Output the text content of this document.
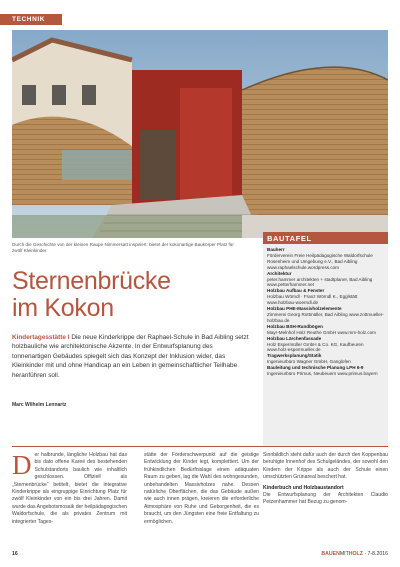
TECHNIK
Durch die Geschichte von der kleinen Raupe Nimmersatt inspiriert: bietet der kokonartige Baukörper Platz für zwölf Kleinkinder.
BAUTAFEL
Bauherr
Förderverein Freie Heilpädagogische Waldorfschule Rosenheim und Umgebung e.V., Bad Aibling www.raphaelschule.wordpress.com
Architektur
peter.hammer architekten + stadtplaner, Bad Aibling www.petterhammer.net
Holzbau Aufbau & Fenster
Holzbau Wörndl · Franz Wörndl K., Egglstätt www.holzbau-woerndl.de
Holzbau PHE-Massivholzelemente
Zimmerei Georg Rottmüller, Bad Aibling www.zottmueller-holzbau.de
Holzbau BSH-Rundbögen
Mayr-Melnhof Holz Reuthe GmbH www.mm-holz.com
Holzbau Lärchenfassade
Holz Espermüller GmbH & Co. KG, Kaufbeuren www.holz-espermueller.de
Tragwerksplanung/Statik
Ingenieurbüro Wagner GmbH, Ganglofen
Bauleitung und technische Planung LPH 6-9
Ingenieurbüro Primus, Neubeuern www.primus.bayern
Sternenbrücke
im Kokon

Kindertagesstätte I Die neue Kinderkrippe der Raphael-Schule in Bad Aibling setzt holzbauliche wie architektonische Akzente. In der Entwurfsplanung des tonnenartigen Gebäudes spiegelt sich das Konzept der Inklusion wider, das Kleinkinder mit und ohne Handicap an ein Leben in gemeinschaftlicher Teilhabe heranführen soll.

Marc Wilhelm Lennartz
Der halbrunde, längliche Holzbau hat das bis dato offene Kareé des bestehenden Schulstandorts baulich wie inhaltlich geschlossen. Offiziell als „Sternenbrücke“ betitelt, bietet die integrative Kinderkrippe als eingruppige Einrichtung Platz für zwölf Kleinkinder von ein bis drei Jahren. Damit wurde das Angebotsmosaik der heilpädagogischen Waldorfschule, die als privates Zentrum mit integrierter Tages-
stätte der Förderschwerpunkt auf die geistige Entwicklung der Kinder legt, komplettiert. Um der frühkindlichen Bedürfnislage einen adäquaten Raum zu geben, lag die Wahl des wohngesunden, unbehandelten Massivholzes nahe. Dessen natürliche Oberflächen, die das Gebäude außen wie auch innen prägen, kreieren die erforderliche Atmosphäre von Ruhe und Geborgenheit, die es braucht, um den Jüngsten eine freie Entfaltung zu ermöglichen.
Sinnbildlich steht dafür auch der durch den Koppenbau beruhigte Innenhof des Schulgeländes, der sowohl den Kindern der Krippe als auch der Schule einen umschützten Grünareal beschert hat.
Kinderbuch und Holzbaustandort
Die Entwurfsplanung der Architekten Claudio Petzenhammer hat Bezug zu genom-
16	BAUENMITHOLZ · 7-8.2016
